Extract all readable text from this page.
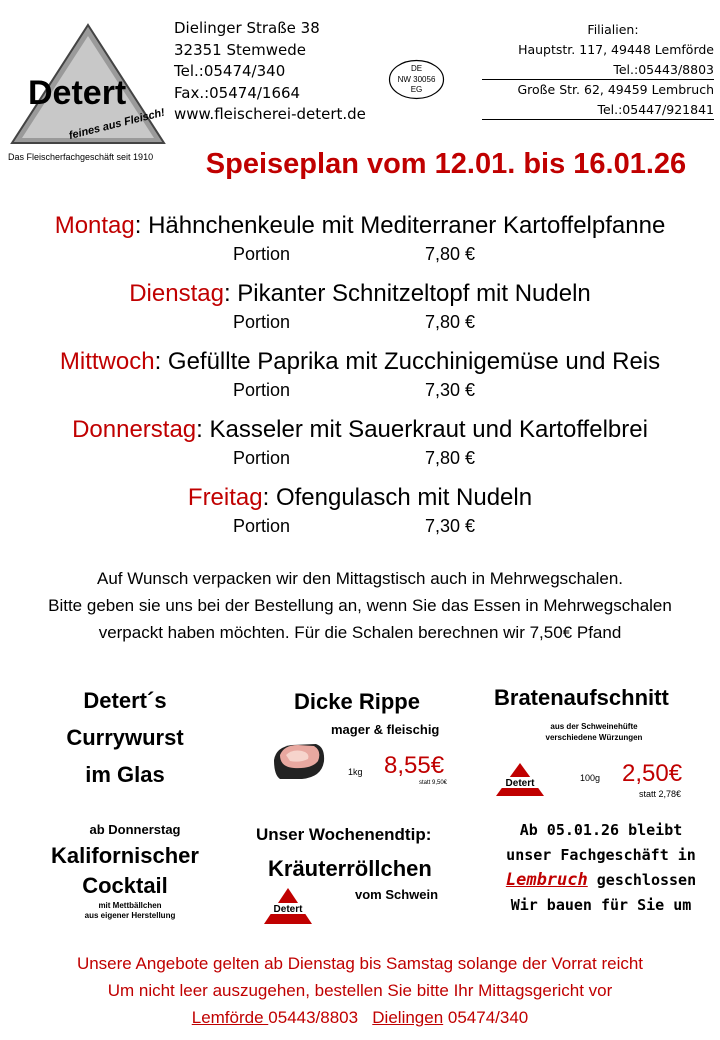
Detert
feines aus Fleisch!
Das Fleischerfachgeschäft seit 1910
Dielinger Straße 38
32351 Stemwede
Tel.:05474/340
Fax.:05474/1664
www.fleischerei-detert.de
DE
NW 30056
EG
Filialien:
Hauptstr. 117, 49448 Lemförde
Tel.:05443/8803
Große Str. 62, 49459 Lembruch
Tel.:05447/921841
Speiseplan vom 12.01. bis 16.01.26
Montag: Hähnchenkeule mit Mediterraner Kartoffelpfanne
Portion	7,80 €
Dienstag: Pikanter Schnitzeltopf mit Nudeln
Portion	7,80 €
Mittwoch: Gefüllte Paprika mit Zucchinigemüse und Reis
Portion	7,30 €
Donnerstag: Kasseler mit Sauerkraut und Kartoffelbrei
Portion	7,80 €
Freitag: Ofengulasch mit Nudeln
Portion	7,30 €
Auf Wunsch verpacken wir den Mittagstisch auch in Mehrwegschalen.
Bitte geben sie uns bei der Bestellung an, wenn Sie das Essen in Mehrwegschalen
verpackt haben möchten. Für die Schalen berechnen wir 7,50€ Pfand
Detert´s
Currywurst
im Glas
Dicke Rippe
mager & fleischig
1kg 8,55€
statt 9,50€
Bratenaufschnitt
aus der Schweinehüfte
verschiedene Würzungen
Detert	100g 2,50€
statt 2,78€
ab Donnerstag
Kalifornischer
Cocktail
mit Mettbällchen
aus eigener Herstellung
Unser Wochenendtip:
Kräuterröllchen
vom Schwein
Detert
Ab 05.01.26 bleibt
unser Fachgeschäft in
Lembruch geschlossen
Wir bauen für Sie um
Unsere Angebote gelten ab Dienstag bis Samstag solange der Vorrat reicht
Um nicht leer auszugehen, bestellen Sie bitte Ihr Mittagsgericht vor
Lemförde 05443/8803 Dielingen 05474/340
